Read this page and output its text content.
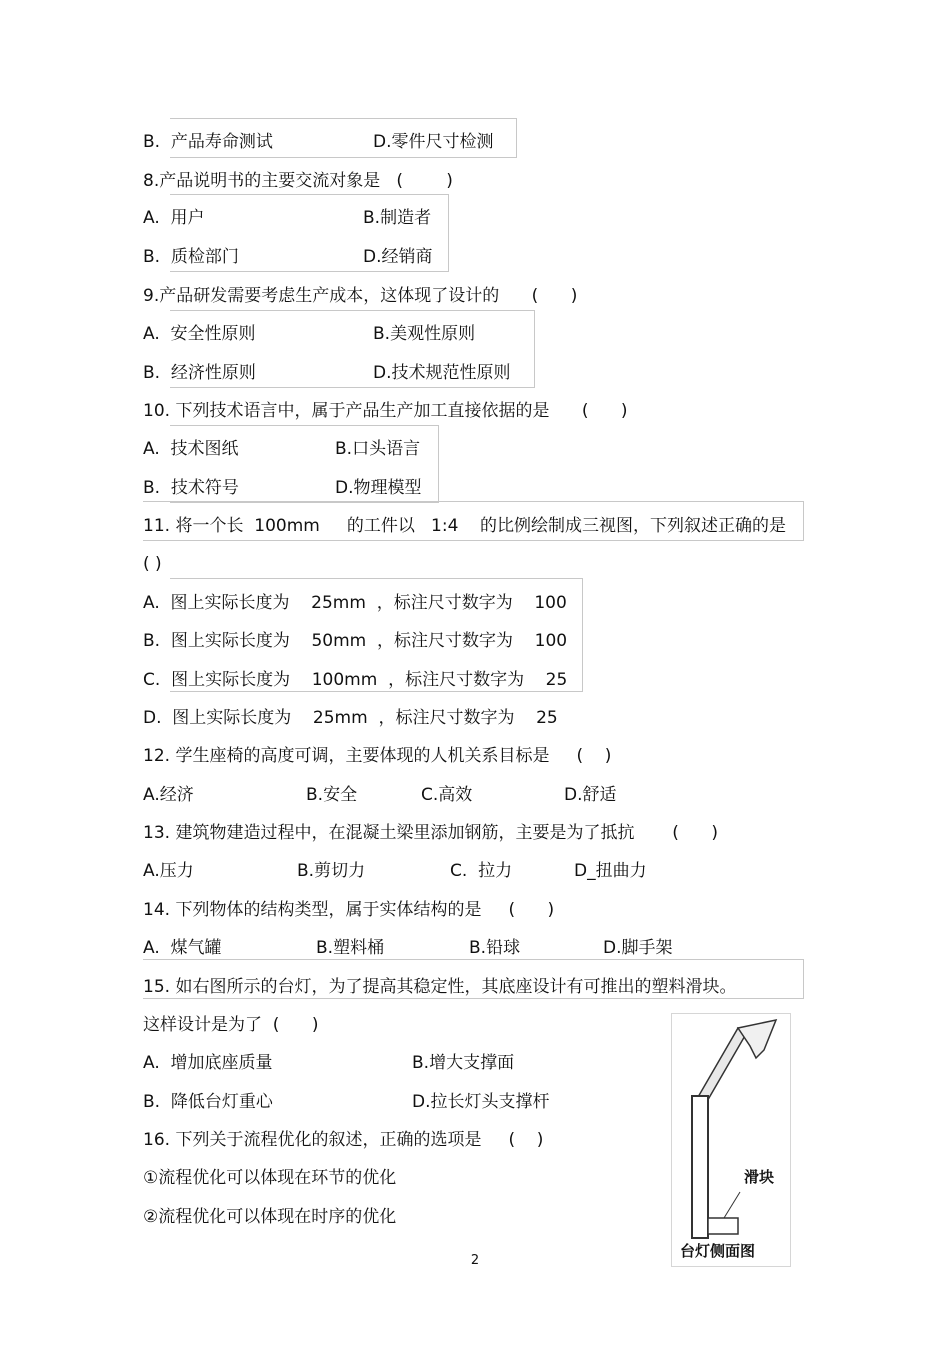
B.  产品寿命测试	D.零件尺寸检测
8.产品说明书的主要交流对象是   (        )
A.  用户	B.制造者
B.  质检部门	D.经销商
9.产品研发需要考虑生产成本，这体现了设计的      (      )
A.  安全性原则	B.美观性原则
B.  经济性原则	D.技术规范性原则
10. 下列技术语言中，属于产品生产加工直接依据的是      (      )
A.  技术图纸	B.口头语言
B.  技术符号	D.物理模型
11. 将一个长  100mm     的工件以   1:4    的比例绘制成三视图，下列叙述正确的是
( )
A.  图上实际长度为    25mm  ，标注尺寸数字为    100
B.  图上实际长度为    50mm  ，标注尺寸数字为    100
C.  图上实际长度为    100mm  ，标注尺寸数字为    25
D.  图上实际长度为    25mm  ，标注尺寸数字为    25
12. 学生座椅的高度可调，主要体现的人机关系目标是     (    )
A.经济	B.安全	C.高效	D.舒适
13. 建筑物建造过程中，在混凝土梁里添加钢筋，主要是为了抵抗       (      )
A.压力	B.剪切力	C.  拉力	D_扭曲力
14. 下列物体的结构类型，属于实体结构的是     (      )
A.  煤气罐	B.塑料桶	B.铅球	D.脚手架
15. 如右图所示的台灯，为了提高其稳定性，其底座设计有可推出的塑料滑块。
这样设计是为了  (      )
A.  增加底座质量	B.增大支撑面
B.  降低台灯重心	D.拉长灯头支撑杆
16. 下列关于流程优化的叙述，正确的选项是     (    )
①流程优化可以体现在环节的优化
②流程优化可以体现在时序的优化
滑块
台灯侧面图
2
